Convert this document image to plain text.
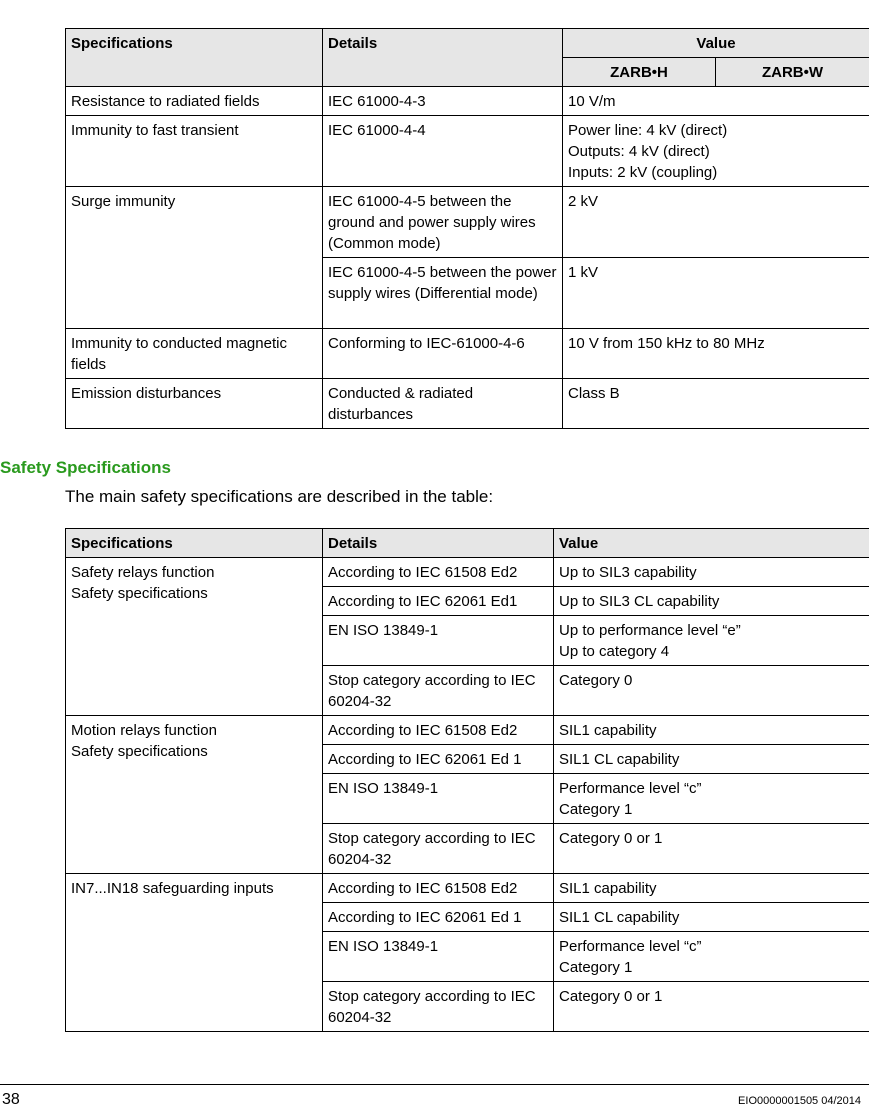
Specifications	Details	Value	
		ZARB•H	ZARB•W
Resistance to radiated fields	IEC 61000-4-3	10 V/m	
Immunity to fast transient	IEC 61000-4-4	Power line: 4 kV (direct)
Outputs: 4 kV (direct)
Inputs: 2 kV (coupling)	

Surge immunity	IEC 61000-4-5 between the ground and power supply wires (Common mode)	2 kV	
	IEC 61000-4-5 between the power supply wires (Differential mode)	1 kV	
Immunity to conducted magnetic fields	Conforming to IEC-61000-4-6	10 V from 150 kHz to 80 MHz	
Emission disturbances	Conducted & radiated disturbances	Class B	
Safety Specifications

The main safety specifications are described in the table:

Specifications	Details	Value

Safety relays function
Safety specifications	According to IEC 61508 Ed2	Up to SIL3 capability
	According to IEC 62061 Ed1	Up to SIL3 CL capability
	EN ISO 13849-1	Up to performance level “e”
Up to category 4

	Stop category according to IEC 60204-32	Category 0

Motion relays function
Safety specifications	According to IEC 61508 Ed2	SIL1 capability
	According to IEC 62061 Ed 1	SIL1 CL capability
	EN ISO 13849-1	Performance level “c”
Category 1

	Stop category according to IEC 60204-32	Category 0 or 1

IN7...IN18 safeguarding inputs	According to IEC 61508 Ed2	SIL1 capability
	According to IEC 62061 Ed 1	SIL1 CL capability
	EN ISO 13849-1	Performance level “c”
Category 1

	Stop category according to IEC 60204-32	Category 0 or 1
38	EIO0000001505 04/2014
